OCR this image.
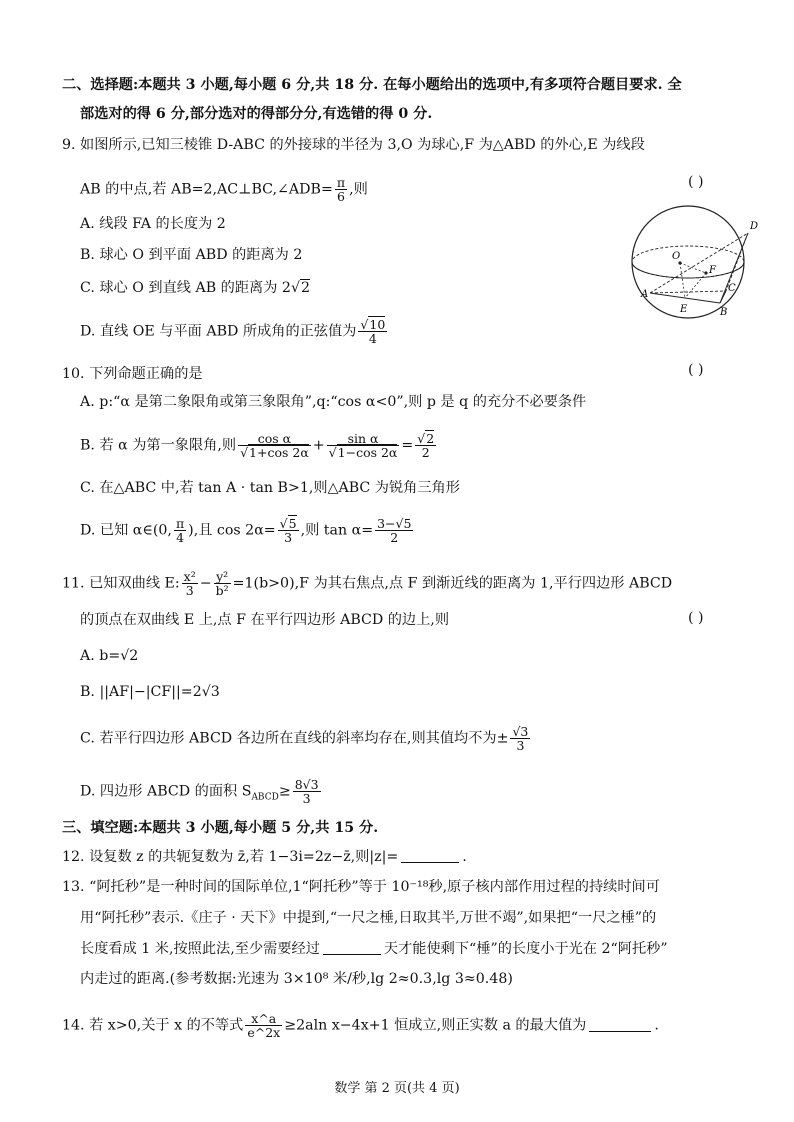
二、选择题:本题共 3 小题,每小题 6 分,共 18 分. 在每小题给出的选项中,有多项符合题目要求. 全
部选对的得 6 分,部分选对的得部分分,有选错的得 0 分.
9. 如图所示,已知三棱锥 D-ABC 的外接球的半径为 3,O 为球心,F 为△ABD 的外心,E 为线段
AB 的中点,若 AB=2,AC⊥BC,∠ADB= $\frac{\pi}{6}$ ,则	( )
A. 线段 FA 的长度为 2
B. 球心 O 到平面 ABD 的距离为 2
C. 球心 O 到直线 AB 的距离为 2√2
D. 直线 OE 与平面 ABD 所成角的正弦值为 $\frac{√10}{4}$
D
O
F
C
A
E	B
10. 下列命题正确的是	( )
A. p:“α 是第二象限角或第三象限角”,q:“cos α<0”,则 p 是 q 的充分不必要条件
B. 若 α 为第一象限角,则 $\frac{\text{cos α}}{√1+\cos 2\alpha} + \frac{\text{sin α}}{√1-\cos 2\alpha} = \frac{√2}{2}$
C. 在△ABC 中,若 tan A · tan B>1,则△ABC 为锐角三角形
D. 已知 α∈(0, $\frac{\pi}{4}$ ),且 $\cos 2\alpha= \frac{√5}{3}$ ,则 $\tan \alpha= \frac{3-√5}{2}$
11. 已知双曲线 E: $\frac{\text{x²}}{3} - \frac{\text{y²}}{\text{b²}} =1(b>0),F$ 为其右焦点,点 F 到渐近线的距离为 1,平行四边形 ABCD
的顶点在双曲线 E 上,点 F 在平行四边形 ABCD 的边上,则	( )
A. b=√2
B. ||AF|−|CF||=2√3
C. 若平行四边形 ABCD 各边所在直线的斜率均存在,则其值均不为± $\frac{√3}{3}$
D. 四边形 ABCD 的面积 $S_{ABCD}\ge \frac{8√3}{3}$
三、填空题:本题共 3 小题,每小题 5 分,共 15 分.
12. 设复数 z 的共轭复数为 z̄,若 1−3i=2z−z̄,则|z|=	.
13. “阿托秒”是一种时间的国际单位,1“阿托秒”等于 10⁻¹⁸秒,原子核内部作用过程的持续时间可
用“阿托秒”表示.《庄子 · 天下》中提到,“一尺之棰,日取其半,万世不竭”,如果把“一尺之棰”的
长度看成 1 米,按照此法,至少需要经过	天才能使剩下“棰”的长度小于光在 2“阿托秒”
内走过的距离.(参考数据:光速为 3×10⁸ 米/秒,lg 2≈0.3,lg 3≈0.48)
14. 若 x>0,关于 x 的不等式 $\frac{x\^{}a}{e\^{}2x} \ge 2aln$ x−4x+1 恒成立,则正实数 a 的最大值为	.
数学 第 2 页(共 4 页)
